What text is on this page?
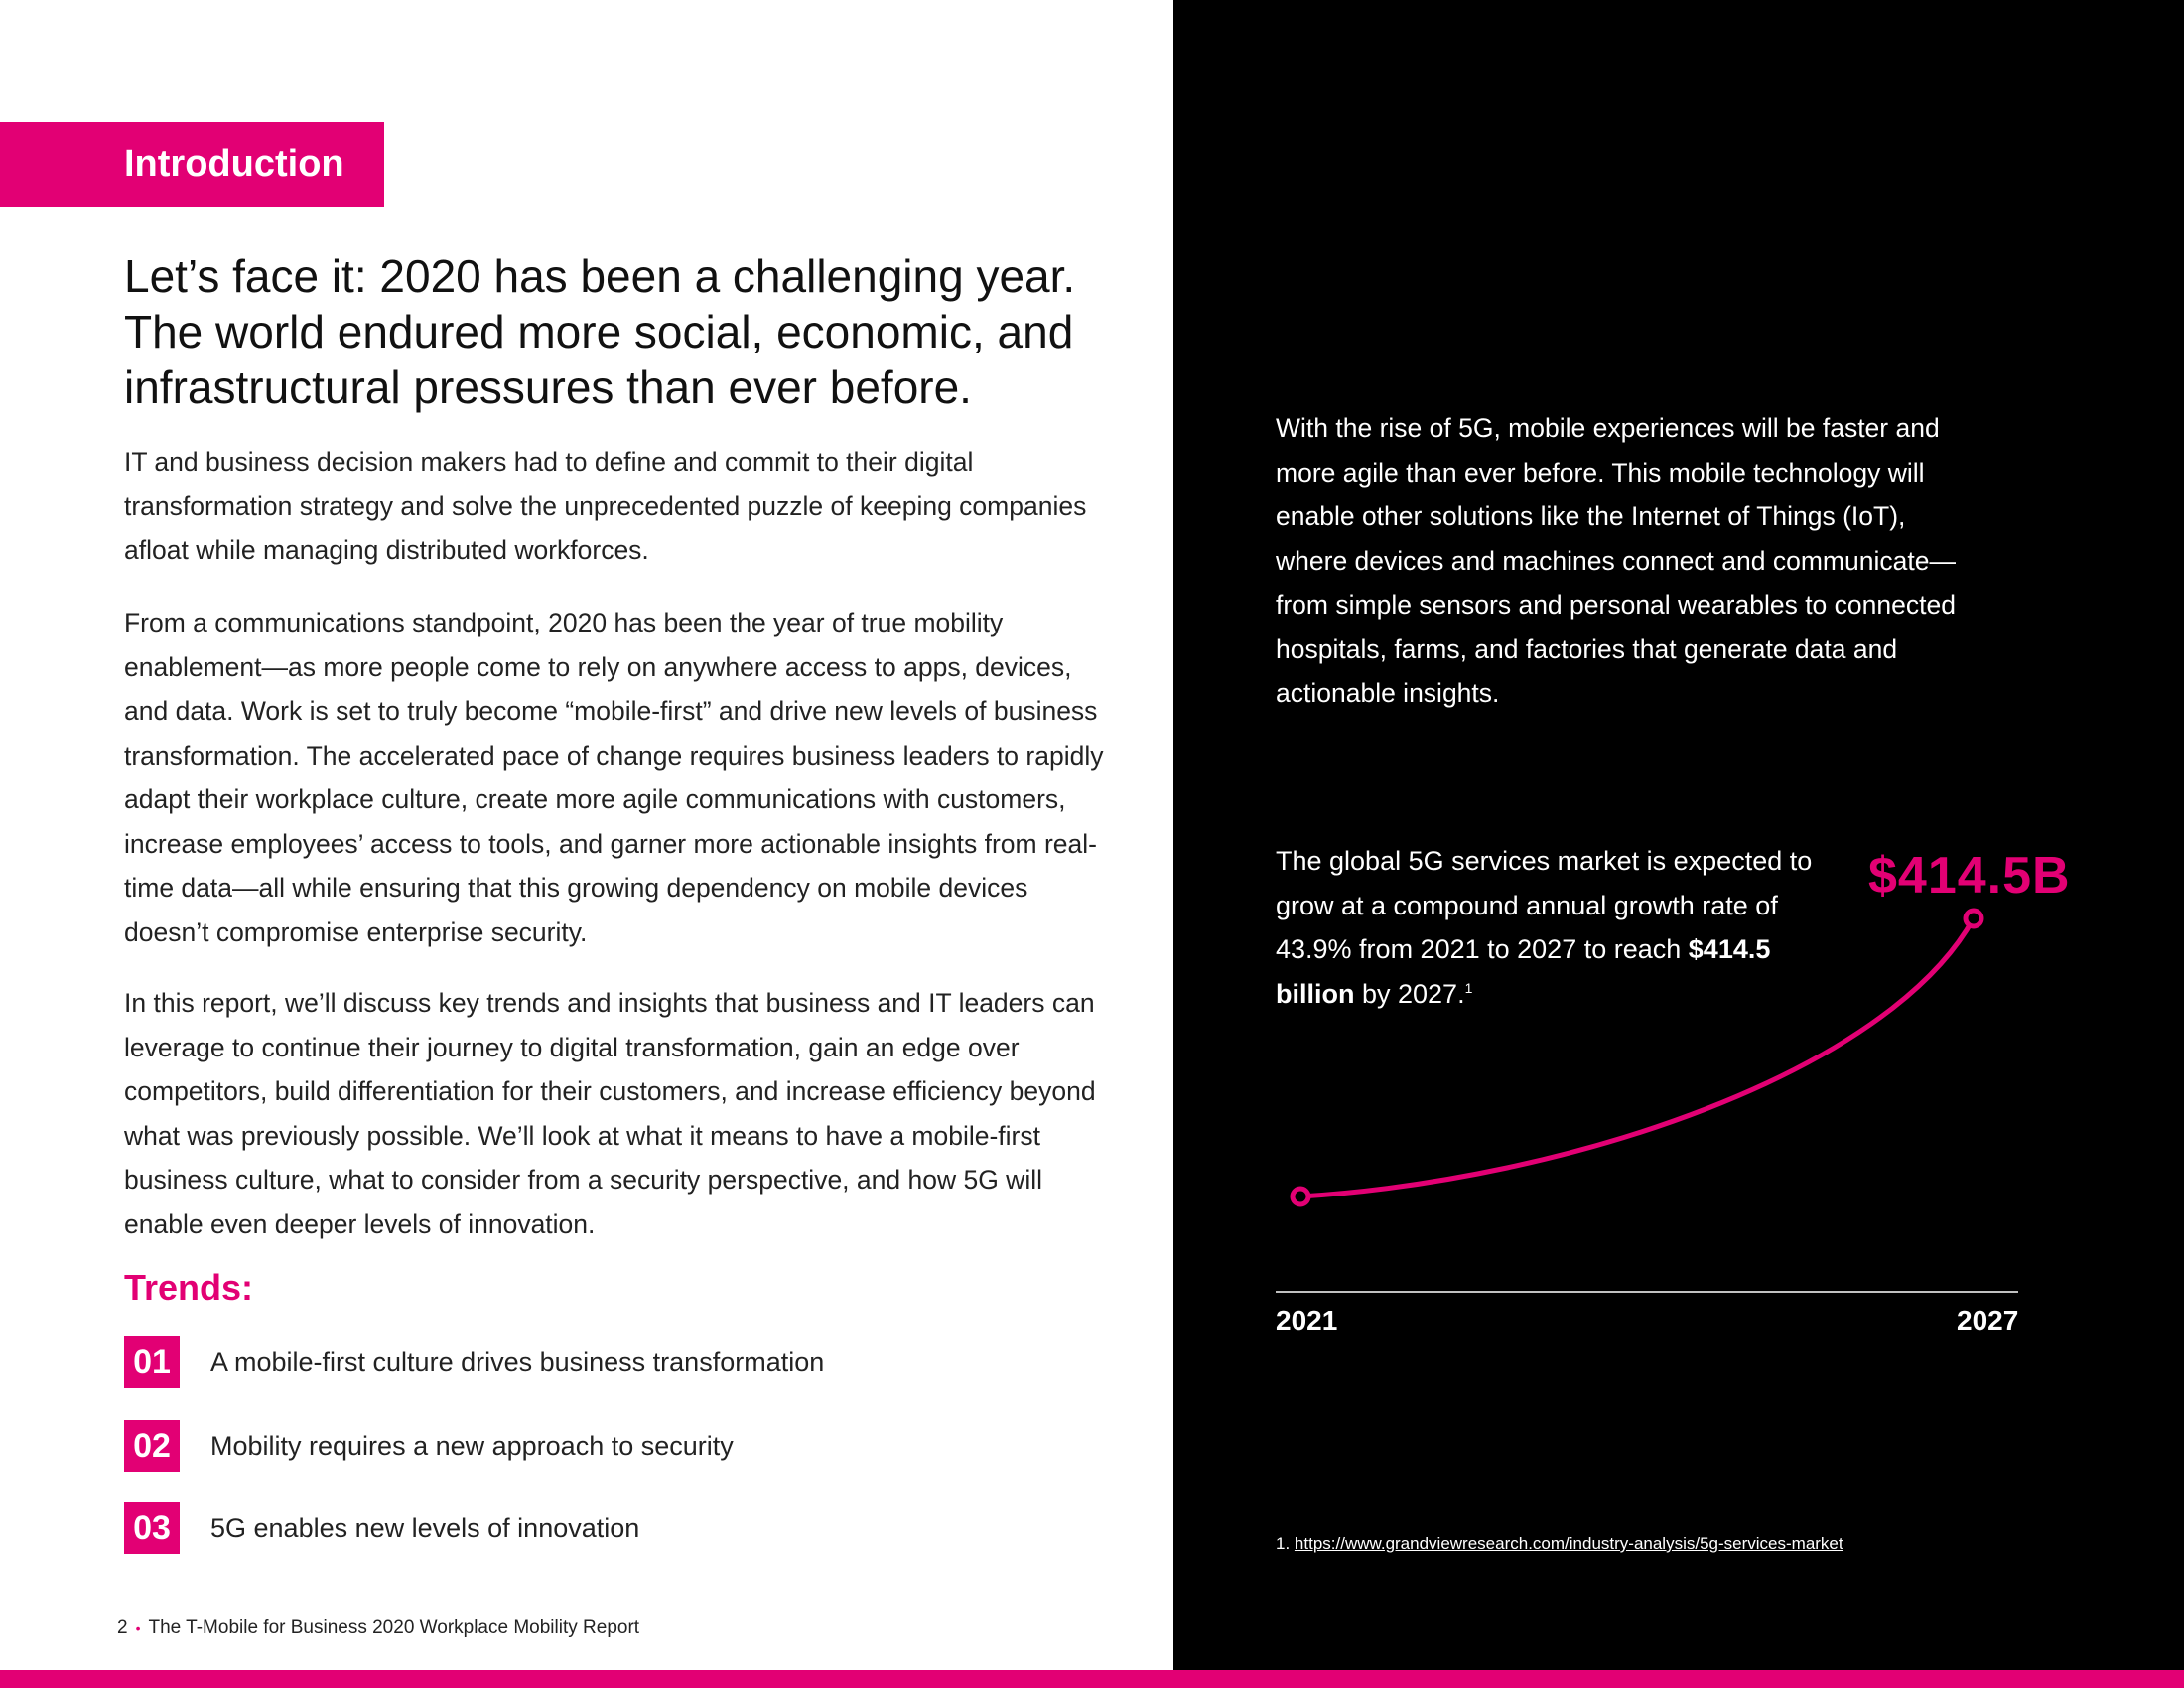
Introduction
Let’s face it: 2020 has been a challenging year.
The world endured more social, economic, and
infrastructural pressures than ever before.

IT and business decision makers had to define and commit to their digital transformation strategy and solve the unprecedented puzzle of keeping companies afloat while managing distributed workforces.

From a communications standpoint, 2020 has been the year of true mobility enablement—as more people come to rely on anywhere access to apps, devices, and data. Work is set to truly become “mobile-first” and drive new levels of business transformation. The accelerated pace of change requires business leaders to rapidly adapt their workplace culture, create more agile communications with customers, increase employees’ access to tools, and garner more actionable insights from real-time data—all while ensuring that this growing dependency on mobile devices doesn’t compromise enterprise security.

In this report, we’ll discuss key trends and insights that business and IT leaders can leverage to continue their journey to digital transformation, gain an edge over competitors, build differentiation for their customers, and increase efficiency beyond what was previously possible. We’ll look at what it means to have a mobile-first business culture, what to consider from a security perspective, and how 5G will enable even deeper levels of innovation.

Trends:
01	A mobile-first culture drives business transformation
02	Mobility requires a new approach to security
03	5G enables new levels of innovation
2 • The T-Mobile for Business 2020 Workplace Mobility Report

With the rise of 5G, mobile experiences will be faster and more agile than ever before. This mobile technology will enable other solutions like the Internet of Things (IoT), where devices and machines connect and communicate—from simple sensors and personal wearables to connected hospitals, farms, and factories that generate data and actionable insights.

The global 5G services market is expected to grow at a compound annual growth rate of 43.9% from 2021 to 2027 to reach $414.5 billion by 2027.$^1$

$414.5B
2021	2027
1. https://www.grandviewresearch.com/industry-analysis/5g-services-market
